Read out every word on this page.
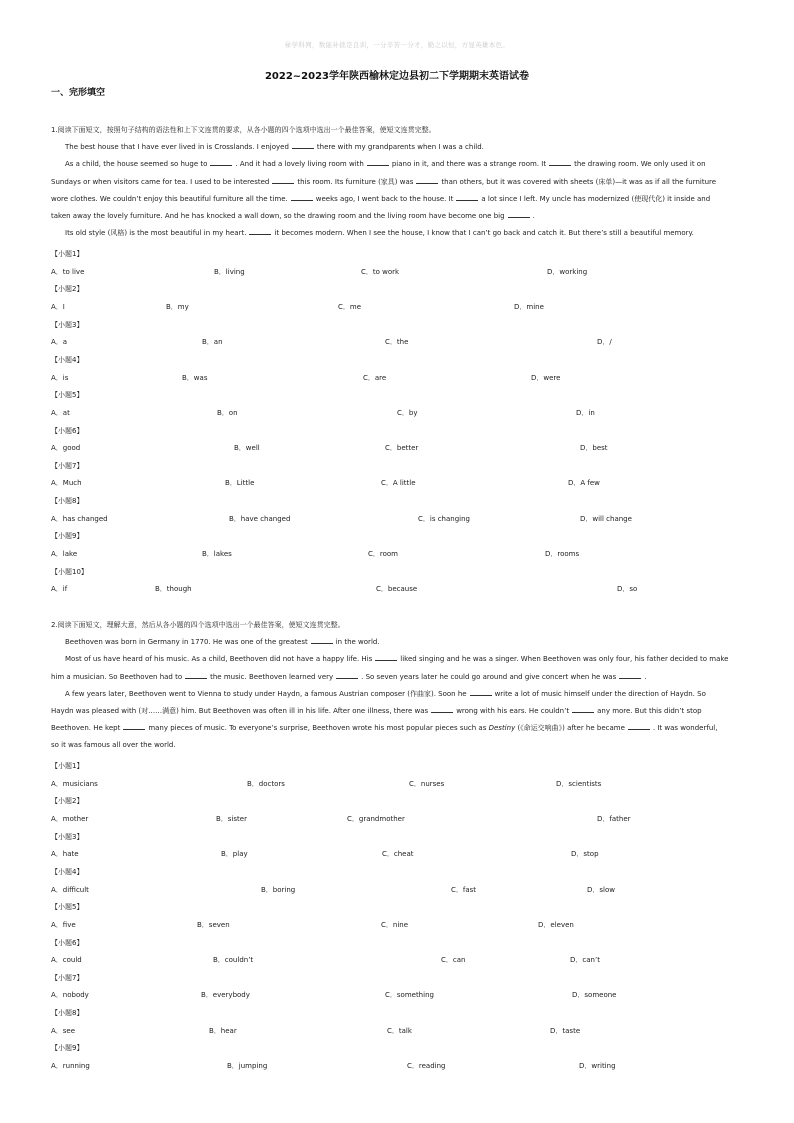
㊙学科网，数能补拙是良训，一分辛苦一分才，勤之以恒，方显英雄本色。
2022~2023学年陕西榆林定边县初二下学期期末英语试卷
一、完形填空

1.阅读下面短文，按照句子结构的语法性和上下文连贯的要求，从各小题的四个选项中选出一个最佳答案，使短文连贯完整。

The best house that I have ever lived in is Crosslands. I enjoyed	there with my grandparents when I was a child.

As a child, the house seemed so huge to	. And it had a lovely living room with	piano in it, and there was a strange room. It	the drawing room. We only used it on

Sundays or when visitors came for tea. I used to be interested	this room. Its furniture (家具) was	than others, but it was covered with sheets (床单)—it was as if all the furniture

wore clothes. We couldn’t enjoy this beautiful furniture all the time.	weeks ago, I went back to the house. It	a lot since I left. My uncle has modernized (使现代化) it inside and

taken away the lovely furniture. And he has knocked a wall down, so the drawing room and the living room have become one big	.

Its old style (风格) is the most beautiful in my heart.	it becomes modern. When I see the house, I know that I can’t go back and catch it. But there’s still a beautiful memory.

【小题1】
A．to live	B．living	C．to work	D．working
【小题2】
A．I	B．my	C．me	D．mine
【小题3】
A．a	B．an	C．the	D．/
【小题4】
A．is	B．was	C．are	D．were
【小题5】
A．at	B．on	C．by	D．in
【小题6】
A．good	B．well	C．better	D．best
【小题7】
A．Much	B．Little	C．A little	D．A few
【小题8】
A．has changed	B．have changed	C．is changing	D．will change
【小题9】
A．lake	B．lakes	C．room	D．rooms
【小题10】
A．if	B．though	C．because	D．so

2.阅读下面短文，理解大意，然后从各小题的四个选项中选出一个最佳答案，使短文连贯完整。

Beethoven was born in Germany in 1770. He was one of the greatest	in the world.

Most of us have heard of his music. As a child, Beethoven did not have a happy life. His	liked singing and he was a singer. When Beethoven was only four, his father decided to make

him a musician. So Beethoven had to	the music. Beethoven learned very	. So seven years later he could go around and give concert when he was	.

A few years later, Beethoven went to Vienna to study under Haydn, a famous Austrian composer (作曲家). Soon he	write a lot of music himself under the direction of Haydn. So

Haydn was pleased with (对……满意) him. But Beethoven was often ill in his life. After one illness, there was	wrong with his ears. He couldn’t	any more. But this didn’t stop

Beethoven. He kept	many pieces of music. To everyone’s surprise, Beethoven wrote his most popular pieces such as Destiny (《命运交响曲》) after he became	. It was wonderful,

so it was famous all over the world.

【小题1】
A．musicians	B．doctors	C．nurses	D．scientists
【小题2】
A．mother	B．sister	C．grandmother	D．father
【小题3】
A．hate	B．play	C．cheat	D．stop
【小题4】
A．difficult	B．boring	C．fast	D．slow
【小题5】
A．five	B．seven	C．nine	D．eleven
【小题6】
A．could	B．couldn’t	C．can	D．can’t
【小题7】
A．nobody	B．everybody	C．something	D．someone
【小题8】
A．see	B．hear	C．talk	D．taste
【小题9】
A．running	B．jumping	C．reading	D．writing
